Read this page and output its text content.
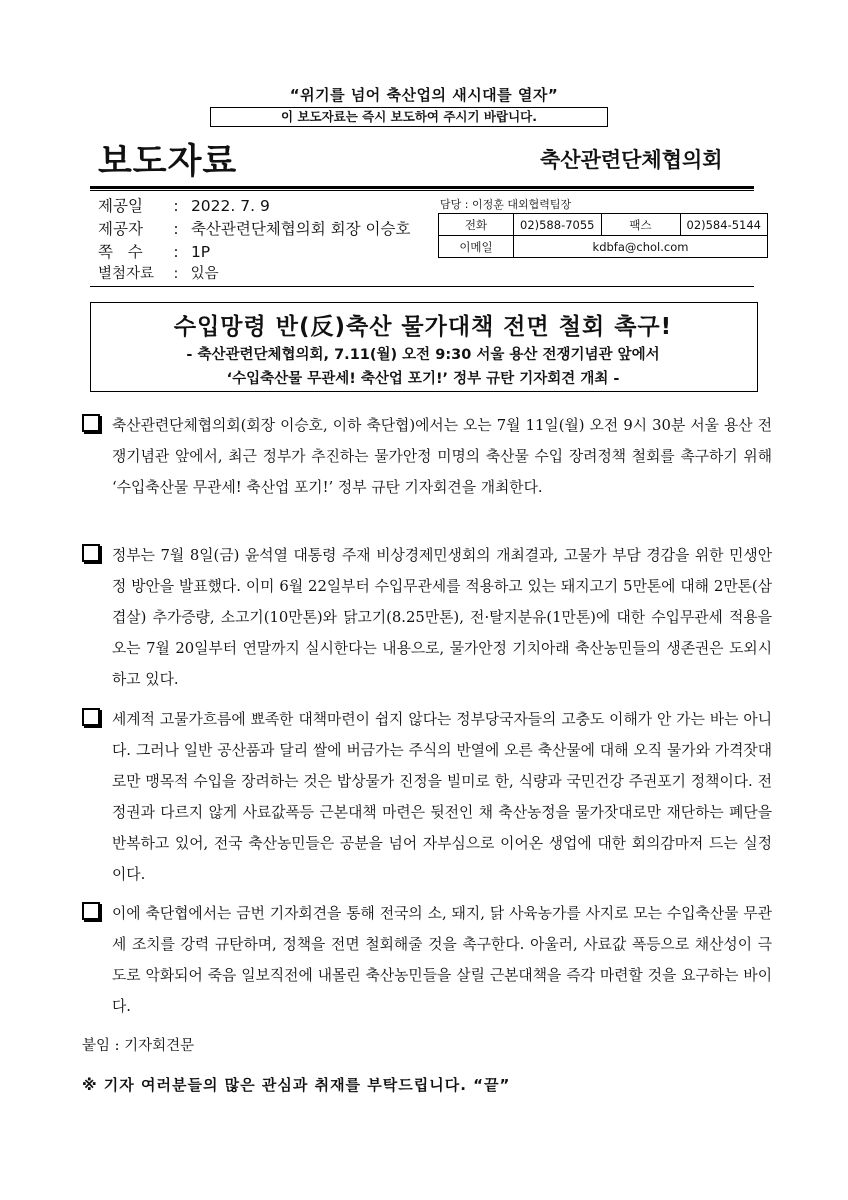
“위기를 넘어 축산업의 새시대를 열자”
이 보도자료는 즉시 보도하여 주시기 바랍니다.
보도자료	축산관련단체협의회
제공일 : 2022. 7. 9
제공자 : 축산관련단체협의회 회장 이승호
쪽   수 : 1P
별첨자료 : 있음
담당 : 이정훈 대외협력팀장
전화	02)588-7055	팩스	02)584-5144
이메일	kdbfa@chol.com		
수입망령 반(反)축산 물가대책 전면 철회 촉구!
- 축산관련단체협의회, 7.11(월) 오전 9:30 서울 용산 전쟁기념관 앞에서
‘수입축산물 무관세! 축산업 포기!’ 정부 규탄 기자회견 개최 -
축산관련단체협의회(회장 이승호, 이하 축단협)에서는 오는 7월 11일(월) 오전 9시 30분 서울 용산 전쟁기념관 앞에서, 최근 정부가 추진하는 물가안정 미명의 축산물 수입 장려정책 철회를 촉구하기 위해 ‘수입축산물 무관세! 축산업 포기!’ 정부 규탄 기자회견을 개최한다.
정부는 7월 8일(금) 윤석열 대통령 주재 비상경제민생회의 개최결과, 고물가 부담 경감을 위한 민생안정 방안을 발표했다. 이미 6월 22일부터 수입무관세를 적용하고 있는 돼지고기 5만톤에 대해 2만톤(삼겹살) 추가증량, 소고기(10만톤)와 닭고기(8.25만톤), 전·탈지분유(1만톤)에 대한 수입무관세 적용을 오는 7월 20일부터 연말까지 실시한다는 내용으로, 물가안정 기치아래 축산농민들의 생존권은 도외시하고 있다.
세계적 고물가흐름에 뾰족한 대책마련이 쉽지 않다는 정부당국자들의 고충도 이해가 안 가는 바는 아니다. 그러나 일반 공산품과 달리 쌀에 버금가는 주식의 반열에 오른 축산물에 대해 오직 물가와 가격잣대로만 맹목적 수입을 장려하는 것은 밥상물가 진정을 빌미로 한, 식량과 국민건강 주권포기 정책이다. 전 정권과 다르지 않게 사료값폭등 근본대책 마련은 뒷전인 채 축산농정을 물가잣대로만 재단하는 폐단을 반복하고 있어, 전국 축산농민들은 공분을 넘어 자부심으로 이어온 생업에 대한 회의감마저 드는 실정이다.
이에 축단협에서는 금번 기자회견을 통해 전국의 소, 돼지, 닭 사육농가를 사지로 모는 수입축산물 무관세 조치를 강력 규탄하며, 정책을 전면 철회해줄 것을 촉구한다. 아울러, 사료값 폭등으로 채산성이 극도로 악화되어 죽음 일보직전에 내몰린 축산농민들을 살릴 근본대책을 즉각 마련할 것을 요구하는 바이다.
붙임 : 기자회견문
※ 기자 여러분들의 많은 관심과 취재를 부탁드립니다. “끝”
